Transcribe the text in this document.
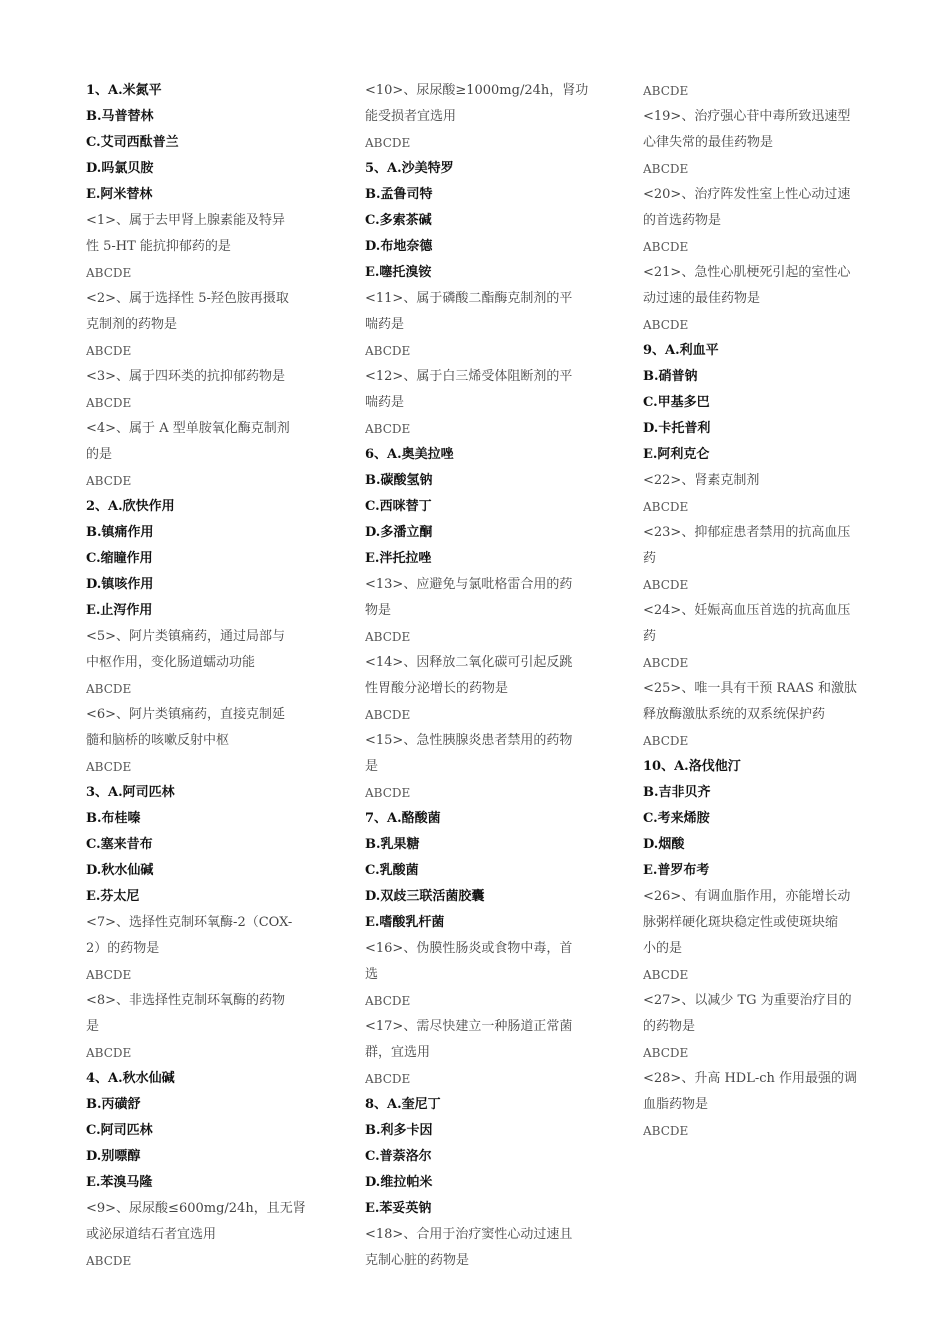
1、A.米氮平
B.马普替林
C.艾司西酞普兰
D.吗氯贝胺
E.阿米替林
<1>、属于去甲肾上腺素能及特异
性 5-HT 能抗抑郁药的是
ABCDE
<2>、属于选择性 5-羟色胺再摄取
克制剂的药物是
ABCDE
<3>、属于四环类的抗抑郁药物是
ABCDE
<4>、属于 A 型单胺氧化酶克制剂
的是
ABCDE
2、A.欣快作用
B.镇痛作用
C.缩瞳作用
D.镇咳作用
E.止泻作用
<5>、阿片类镇痛药，通过局部与
中枢作用，变化肠道蠕动功能
ABCDE
<6>、阿片类镇痛药，直接克制延
髓和脑桥的咳嗽反射中枢
ABCDE
3、A.阿司匹林
B.布桂嗪
C.塞来昔布
D.秋水仙碱
E.芬太尼
<7>、选择性克制环氧酶-2（COX-
2）的药物是
ABCDE
<8>、非选择性克制环氧酶的药物
是
ABCDE
4、A.秋水仙碱
B.丙磺舒
C.阿司匹林
D.别嘌醇
E.苯溴马隆
<9>、尿尿酸≤600mg/24h，且无肾
或泌尿道结石者宜选用
ABCDE
<10>、尿尿酸≥1000mg/24h，肾功
能受损者宜选用
ABCDE
5、A.沙美特罗
B.孟鲁司特
C.多索茶碱
D.布地奈德
E.噻托溴铵
<11>、属于磷酸二酯酶克制剂的平
喘药是
ABCDE
<12>、属于白三烯受体阻断剂的平
喘药是
ABCDE
6、A.奥美拉唑
B.碳酸氢钠
C.西咪替丁
D.多潘立酮
E.泮托拉唑
<13>、应避免与氯吡格雷合用的药
物是
ABCDE
<14>、因释放二氧化碳可引起反跳
性胃酸分泌增长的药物是
ABCDE
<15>、急性胰腺炎患者禁用的药物
是
ABCDE
7、A.酪酸菌
B.乳果糖
C.乳酸菌
D.双歧三联活菌胶囊
E.嗜酸乳杆菌
<16>、伪膜性肠炎或食物中毒，首
选
ABCDE
<17>、需尽快建立一种肠道正常菌
群，宜选用
ABCDE
8、A.奎尼丁
B.利多卡因
C.普萘洛尔
D.维拉帕米
E.苯妥英钠
<18>、合用于治疗窦性心动过速且
克制心脏的药物是
ABCDE
<19>、治疗强心苷中毒所致迅速型
心律失常的最佳药物是
ABCDE
<20>、治疗阵发性室上性心动过速
的首选药物是
ABCDE
<21>、急性心肌梗死引起的室性心
动过速的最佳药物是
ABCDE
9、A.利血平
B.硝普钠
C.甲基多巴
D.卡托普利
E.阿利克仑
<22>、肾素克制剂
ABCDE
<23>、抑郁症患者禁用的抗高血压
药
ABCDE
<24>、妊娠高血压首选的抗高血压
药
ABCDE
<25>、唯一具有干预 RAAS 和激肽
释放酶激肽系统的双系统保护药
ABCDE
10、A.洛伐他汀
B.吉非贝齐
C.考来烯胺
D.烟酸
E.普罗布考
<26>、有调血脂作用，亦能增长动
脉粥样硬化斑块稳定性或使斑块缩
小的是
ABCDE
<27>、以减少 TG 为重要治疗目的
的药物是
ABCDE
<28>、升高 HDL-ch 作用最强的调
血脂药物是
ABCDE
